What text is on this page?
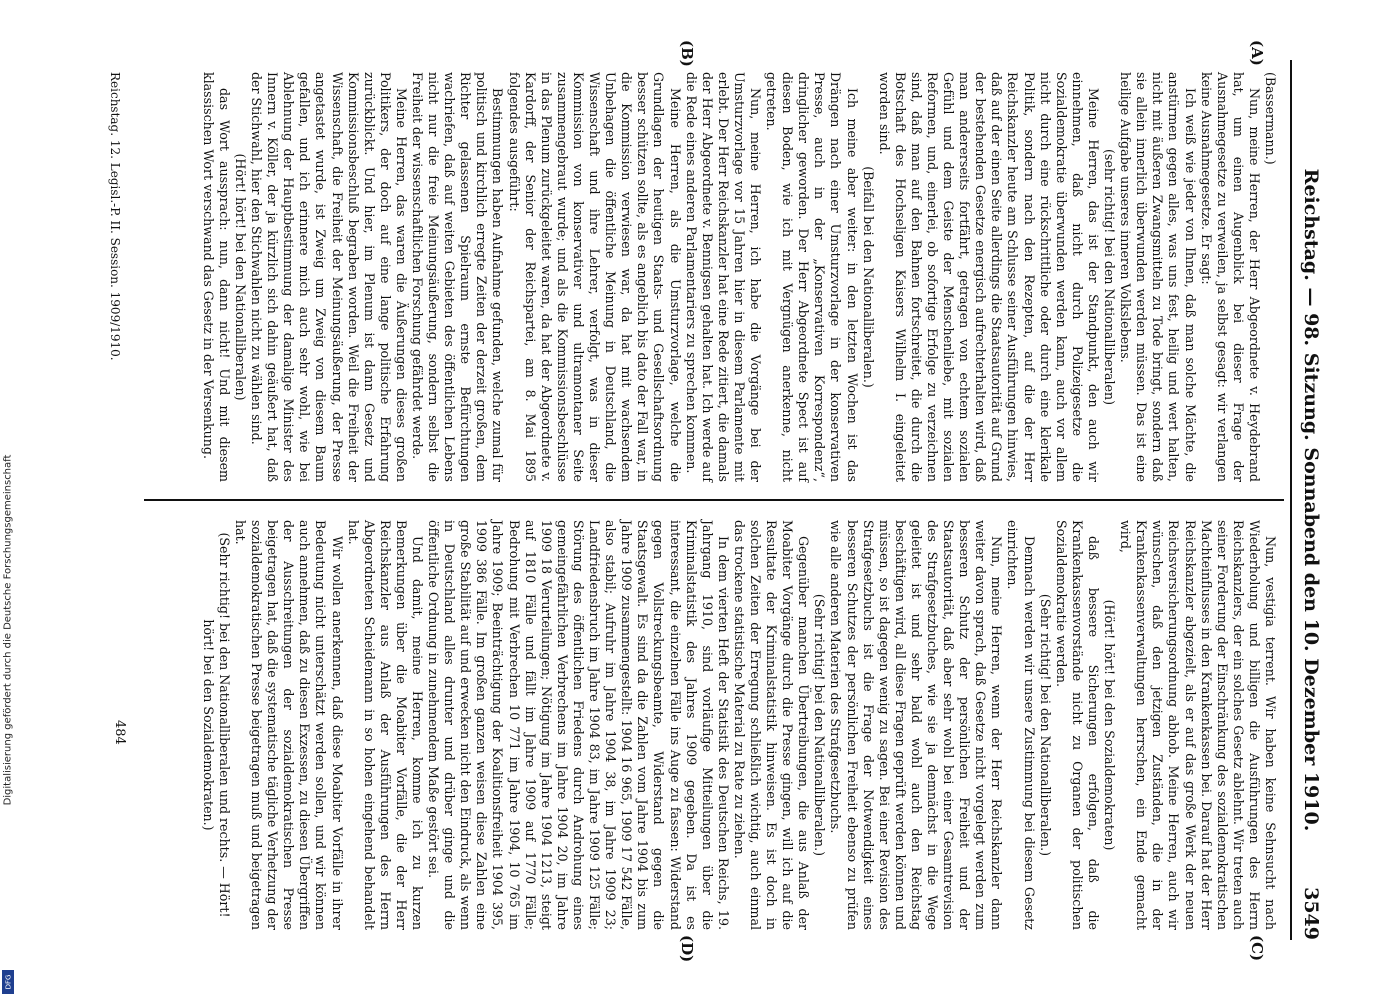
Reichstag. — 98. Sitzung. Sonnabend den 10. Dezember 1910.
3549
(A)
(B)
(C)
(D)

(Bassermann.)

Nun, meine Herren, der Herr Abgeordnete v. Heydebrand hat, um einen Augenblick bei dieser Frage der Ausnahmegesetze zu verweilen, ja selbst gesagt: wir verlangen keine Ausnahmegesetze. Er sagt:

Ich weiß wie jeder von Ihnen, daß man solche Mächte, die anstürmen gegen alles, was uns fest, heilig und wert halten, nicht mit äußeren Zwangsmitteln zu Tode bringt, sondern daß sie allein innerlich überwunden werden müssen. Das ist eine heilige Aufgabe unseres inneren Volkslebens.

(sehr richtig! bei den Nationalliberalen)

Meine Herren, das ist der Standpunkt, den auch wir einnehmen, daß nicht durch Polizeigesetze die Sozialdemokratie überwunden werden kann, auch vor allem nicht durch eine rückschrittliche oder durch eine klerikale Politik, sondern nach den Rezepten, auf die der Herr Reichskanzler heute am Schlusse seiner Ausführungen hinwies, daß auf der einen Seite allerdings die Staatsautorität auf Grund der bestehenden Gesetze energisch aufrechterhalten wird, daß man andererseits fortfährt, getragen von echtem sozialen Gefühl und dem Geiste der Menschenliebe, mit sozialen Reformen, und, einerlei, ob sofortige Erfolge zu verzeichnen sind, daß man auf den Bahnen fortschreitet, die durch die Botschaft des Hochseligen Kaisers Wilhelm I. eingeleitet worden sind.

(Beifall bei den Nationalliberalen.)

Ich meine aber weiter: in den letzten Wochen ist das Drängen nach einer Umsturzvorlage in der konservativen Presse, auch in der „Konservativen Korrespondenz“, dringlicher geworden. Der Herr Abgeordnete Spect ist auf diesen Boden, wie ich mit Vergnügen anerkenne, nicht getreten.

Nun, meine Herren, ich habe die Vorgänge bei der Umsturzvorlage vor 15 Jahren hier in diesem Parlamente mit erlebt. Der Herr Reichskanzler hat eine Rede zitiert, die damals der Herr Abgeordnete v. Bennigsen gehalten hat. Ich werde auf die Rede eines anderen Parlamentariers zu sprechen kommen.

Meine Herren, als die Umsturzvorlage, welche die Grundlagen der heutigen Staats- und Gesellschaftsordnung besser schützen sollte, als es angeblich bis dato der Fall war, in die Kommission verwiesen war, da hat mit wachsendem Unbehagen die öffentliche Meinung in Deutschland, die Wissenschaft und ihre Lehrer, verfolgt, was in dieser Kommission von konservativer und ultramontaner Seite zusammengebraut wurde; und als die Kommissionsbeschlüsse in das Plenum zurückgeleitet waren, da hat der Abgeordnete v. Kardorff, der Senior der Reichspartei, am 8. Mai 1895 folgendes ausgeführt:

Bestimmungen haben Aufnahme gefunden, welche zumal für politisch und kirchlich erregte Zeiten der derzeit großen, dem Richter gelassenen Spielraum ernste Befürchtungen wachriefen, daß auf weiten Gebieten des öffentlichen Lebens nicht nur die freie Meinungsäußerung, sondern selbst die Freiheit der wissenschaftlichen Forschung gefährdet werde.

Meine Herren, das waren die Äußerungen dieses großen Politikers, der doch auf eine lange politische Erfahrung zurückblickt. Und hier, im Plenum ist dann Gesetz und Kommissionsbeschluß begraben worden. Weil die Freiheit der Wissenschaft, die Freiheit der Meinungsäußerung, der Presse angetastet wurde, ist Zweig um Zweig von diesem Baum gefallen, und ich erinnere mich auch sehr wohl, wie bei Ablehnung der Hauptbestimmung der damalige Minister des Innern v. Köller, der ja kürzlich sich dahin geäußert hat, daß der Stichwahl, hier den Stichwahlen nicht zu wählen sind.

(Hört! hört! bei den Nationalliberalen)

das Wort aussprach: nun, dann nicht! Und mit diesem klassischen Wort verschwand das Gesetz in der Versenkung.

Nun, vestigia terrent. Wir haben keine Sehnsucht nach Wiederholung und billigen die Ausführungen des Herrn Reichskanzlers, der ein solches Gesetz ablehnt. Wir treten auch seiner Forderung der Einschränkung des sozialdemokratischen Machteinflusses in den Krankenkassen bei. Darauf hat der Herr Reichskanzler abgezielt, als er auf das große Werk der neuen Reichsversicherungsordnung abhob. Meine Herren, auch wir wünschen, daß den jetzigen Zuständen, die in der Krankenkassenverwaltungen herrschen, ein Ende gemacht wird,

(Hört! hört! bei den Sozialdemokraten)

daß bessere Sicherungen erfolgen, daß die Krankenkassenvorstände nicht zu Organen der politischen Sozialdemokratie werden.

(Sehr richtig! bei den Nationalliberalen.)

Demnach werden wir unsere Zustimmung bei diesem Gesetz einrichten.

Nun, meine Herren, wenn der Herr Reichskanzler dann weiter davon sprach, daß Gesetze nicht vorgelegt werden zum besseren Schutz der persönlichen Freiheit und der Staatsautorität, daß aber sehr wohl bei einer Gesamtrevision des Strafgesetzbuches, wie sie ja demnächst in die Wege geleitet ist und sehr bald wohl auch den Reichstag beschäftigen wird, all diese Fragen geprüft werden können und müssen, so ist dagegen wenig zu sagen. Bei einer Revision des Strafgesetzbuchs ist die Frage der Notwendigkeit eines besseren Schutzes der persönlichen Freiheit ebenso zu prüfen wie alle anderen Materien des Strafgesetzbuchs.

(Sehr richtig! bei den Nationalliberalen.)

Gegenüber manchen Übertreibungen, die aus Anlaß der Moabiter Vorgänge durch die Presse gingen, will ich auf die Resultate der Kriminalstatistik hinweisen. Es ist doch in solchen Zeiten der Erregung schließlich wichtig, auch einmal das trockene statistische Material zu Rate zu ziehen.

In dem vierten Heft der Statistik des Deutschen Reichs, 19. Jahrgang 1910, sind vorläufige Mitteilungen über die Kriminalstatistik des Jahres 1909 gegeben. Da ist es interessant, die einzelnen Fälle ins Auge zu fassen: Widerstand gegen Vollstreckungsbeamte, Widerstand gegen die Staatsgewalt. Es sind da die Zahlen vom Jahre 1904 bis zum Jahre 1909 zusammengestellt: 1904 16 965, 1909 17 542 Fälle, also stabil; Aufruhr im Jahre 1904 38, im Jahre 1909 23; Landfriedensbruch im Jahre 1904 83, im Jahre 1909 125 Fälle; Störung des öffentlichen Friedens durch Androhung eines gemeingefährlichen Verbrechens im Jahre 1904 20, im Jahre 1909 18 Verurteilungen; Nötigung im Jahre 1904 1213, steigt auf 1810 Fälle und fällt im Jahre 1909 auf 1770 Fälle; Bedrohung mit Verbrechen 10 771 im Jahre 1904, 10 765 im Jahre 1909; Beeinträchtigung der Koalitionsfreiheit 1904 395, 1909 386 Fälle. Im großen ganzen weisen diese Zahlen eine große Stabilität auf und erwecken nicht den Eindruck, als wenn in Deutschland alles drunter und drüber ginge und die öffentliche Ordnung in zunehmendem Maße gestört sei.

Und damit, meine Herren, komme ich zu kurzen Bemerkungen über die Moabiter Vorfälle, die der Herr Reichskanzler aus Anlaß der Ausführungen des Herrn Abgeordneten Scheidemann in so hohen eingehend behandelt hat.

Wir wollen anerkennen, daß diese Moabiter Vorfälle in ihrer Bedeutung nicht unterschätzt werden sollen, und wir können auch annehmen, daß zu diesen Exzessen, zu diesen Übergriffen der Ausschreitungen der sozialdemokratischen Presse beigetragen hat, daß die systematische tägliche Verhetzung der sozialdemokratischen Presse beigetragen muß und beigetragen hat.

(Sehr richtig! bei den Nationalliberalen und rechts. — Hört! hört! bei den Sozialdemokraten.)

Reichstag. 12. Legisl.-P. II. Session. 1909/1910.
484
Digitalisierung gefördert durch die Deutsche Forschungsgemeinschaft
DFG
